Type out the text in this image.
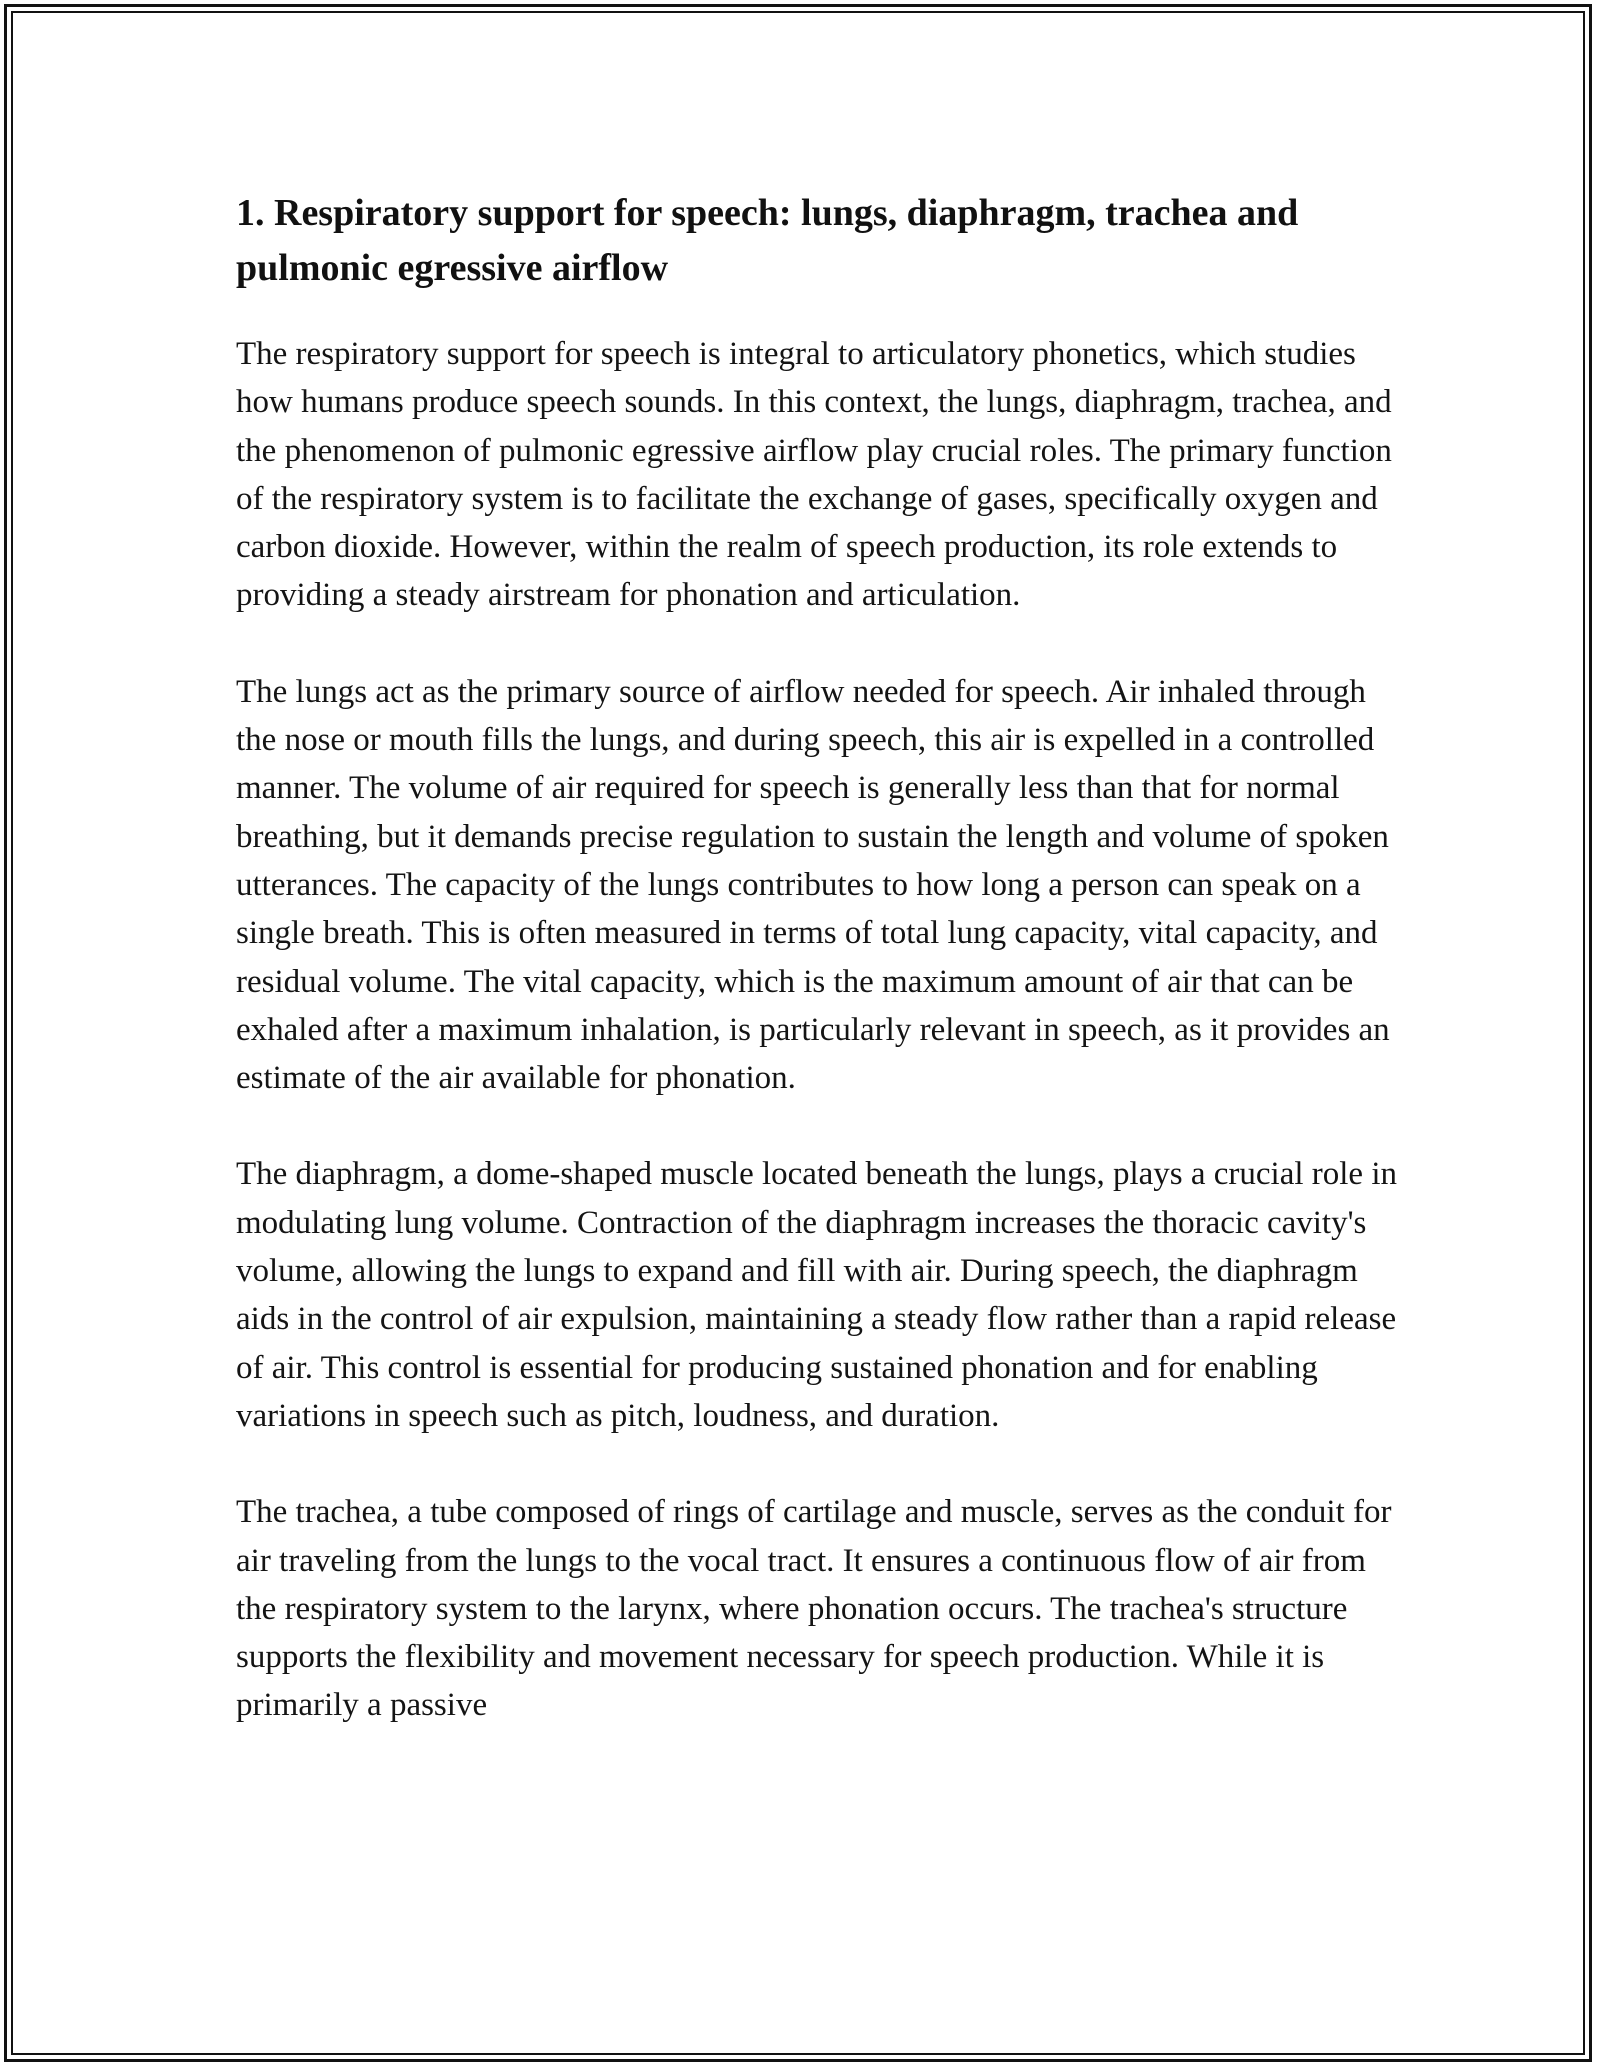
1. Respiratory support for speech: lungs, diaphragm, trachea and pulmonic egressive airflow

The respiratory support for speech is integral to articulatory phonetics, which studies how humans produce speech sounds. In this context, the lungs, diaphragm, trachea, and the phenomenon of pulmonic egressive airflow play crucial roles. The primary function of the respiratory system is to facilitate the exchange of gases, specifically oxygen and carbon dioxide. However, within the realm of speech production, its role extends to providing a steady airstream for phonation and articulation.

The lungs act as the primary source of airflow needed for speech. Air inhaled through the nose or mouth fills the lungs, and during speech, this air is expelled in a controlled manner. The volume of air required for speech is generally less than that for normal breathing, but it demands precise regulation to sustain the length and volume of spoken utterances. The capacity of the lungs contributes to how long a person can speak on a single breath. This is often measured in terms of total lung capacity, vital capacity, and residual volume. The vital capacity, which is the maximum amount of air that can be exhaled after a maximum inhalation, is particularly relevant in speech, as it provides an estimate of the air available for phonation.

The diaphragm, a dome-shaped muscle located beneath the lungs, plays a crucial role in modulating lung volume. Contraction of the diaphragm increases the thoracic cavity's volume, allowing the lungs to expand and fill with air. During speech, the diaphragm aids in the control of air expulsion, maintaining a steady flow rather than a rapid release of air. This control is essential for producing sustained phonation and for enabling variations in speech such as pitch, loudness, and duration.

The trachea, a tube composed of rings of cartilage and muscle, serves as the conduit for air traveling from the lungs to the vocal tract. It ensures a continuous flow of air from the respiratory system to the larynx, where phonation occurs. The trachea's structure supports the flexibility and movement necessary for speech production. While it is primarily a passive
